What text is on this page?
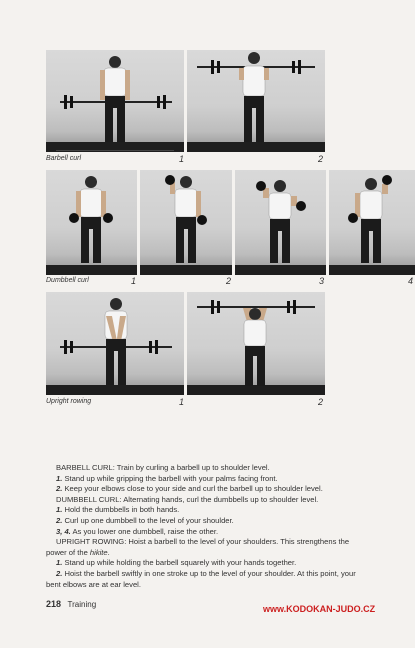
Barbell curl	1	2
Dumbbell curl	1	2	3	4
Upright rowing	1	2

BARBELL CURL: Train by curling a barbell up to shoulder level.

1. Stand up while gripping the barbell with your palms facing front.

2. Keep your elbows close to your side and curl the barbell up to shoulder level.

DUMBBELL CURL: Alternating hands, curl the dumbbells up to shoulder level.

1. Hold the dumbbells in both hands.

2. Curl up one dumbbell to the level of your shoulder.

3, 4. As you lower one dumbbell, raise the other.

UPRIGHT ROWING: Hoist a barbell to the level of your shoulders. This strengthens the power of the hikite.

1. Stand up while holding the barbell squarely with your hands together.

2. Hoist the barbell swiftly in one stroke up to the level of your shoulder. At this point, your bent elbows are at ear level.

218 Training	www.KODOKAN-JUDO.CZ
